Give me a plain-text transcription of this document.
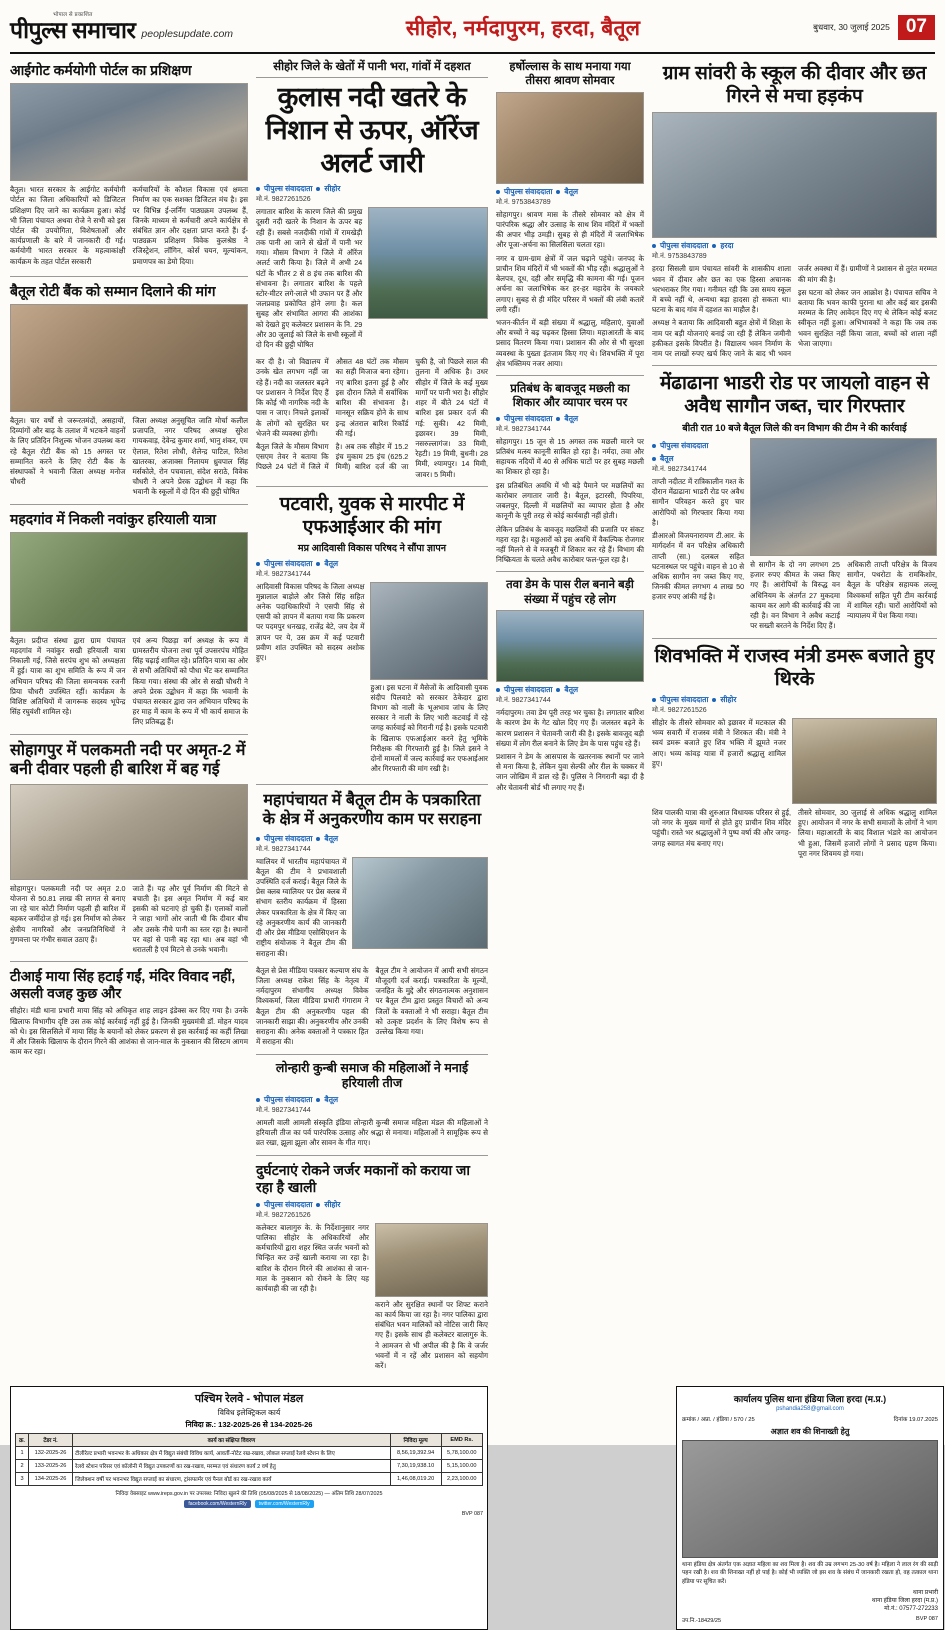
भोपाल से प्रकाशित
पीपुल्स समाचार peoplesupdate.com	सीहोर, नर्मदापुरम, हरदा, बैतूल	बुधवार, 30 जुलाई 2025 07
आईगोट कर्मयोगी पोर्टल का प्रशिक्षण

बैतूल। भारत सरकार के आईगोट कर्मयोगी पोर्टल का जिला अधिकारियों को डिजिटल प्रशिक्षण दिए जाने का कार्यक्रम हुआ। कोई भी जिला पंचायत अथवा रोजे ने सभी को इस पोर्टल की उपयोगिता, विशेषताओं और कार्यप्रणाली के बारे में जानकारी दी गई। कर्मयोगी भारत सरकार के महत्वाकांक्षी कार्यक्रम के तहत पोर्टल सरकारी

कर्मचारियों के कौशल विकास एवं क्षमता निर्माण का एक सशक्त डिजिटल मंच है। इस पर विभिन्न ई-लर्निंग पाठ्यक्रम उपलब्ध हैं, जिनके माध्यम से कर्मचारी अपने कार्यक्षेत्र से संबंधित ज्ञान और दक्षता प्राप्त करते हैं। ई-पाठ्यक्रम प्रशिक्षण विवेक कुलश्रेष्ठ ने रजिस्ट्रेशन, लॉगिन, कोर्स चयन, मूल्यांकन, प्रमाणपत्र का डेमो दिया।

बैतूल रोटी बैंक को सम्मान दिलाने की मांग

बैतूल। चार वर्षों से जरूरतमंदों, असहायों, दिव्यांगों और बाढ़ के तलाश में भटकने वाहनों के लिए प्रतिदिन निशुल्क भोजन उपलब्ध करा रहे बैतूल रोटी बैंक को 15 अगस्त पर सम्मानित करने के लिए रोटी बैंक के संस्थापकों ने भवानी जिला अध्यक्ष मनोज चौधरी

जिला अध्यक्ष अनुसूचित जाति मोर्चा कलील प्रजापति, नगर परिषद अध्यक्ष सुरेश गायकवाड़, देवेन्द्र कुमार शर्मा, भानु शंकर, एम ऐलाल, रितेश लोधी, शैलेन्द्र पाटिल, रितेश खातरका, अजाक्स निलायम ध्रुवपाल सिंह मर्सकोले, रोन पचवाला, संदेश सराठे, विवेक चौधरी ने अपने प्रेरक उद्बोधन में कहा कि भवानी के स्कूलों में दो दिन की छुट्टी घोषित

महदगांव में निकली नवांकुर हरियाली यात्रा

बैतूल। प्रदीप्त संस्था द्वारा ग्राम पंचायत महदगांव में नवांकुर सखी हरियाली यात्रा निकाली गई, जिसे सरपंच शुभ को अध्यक्षता में हुई। यात्रा का शुभ समिति के रूप में जन अभियान परिषद की जिला समन्वयक रजनी प्रिया चौधरी उपस्थित रहीं। कार्यक्रम के विशिष्ट अतिथियों में जागरूक सदस्य भूपेन्द्र सिंह रघुवंशी शामिल रहे।

एवं अन्य पिछड़ा वर्ग अध्यक्ष के रूप में ग्रामस्तरीय योजना तथा पूर्व उपसरपंच मोहित सिंह चढ़ाई शामिल रहे। प्रतिदिन यात्रा का ओर से सभी अतिथियों को पौधा भेंट कर सम्मानित किया गया। संस्था की ओर से सखी चौधरी ने अपने प्रेरक उद्बोधन में कहा कि भवानी के पंचायत सरकार द्वारा जन अभियान परिषद के हर माह में काम के रूप में भी कार्य समाज के लिए प्रतिबद्ध हैं।

सोहागपुर में पलकमती नदी पर अमृत-2 में बनी दीवार पहली ही बारिश में बह गई

सोहागपुर। पलकमती नदी पर अमृत 2.0 योजना से 50.81 लाख की लागत से बनाए जा रहे चार कोटी निर्माण पहली ही बारिश में बहकर जमींदोज हो गई। इस निर्माण को लेकर क्षेत्रीय नागरिकों और जनप्रतिनिधियों ने गुणवत्ता पर गंभीर सवाल उठाए हैं।

जाते हैं। यह और पूर्व निर्माण की मिटने से बचाती है। इस अमृत निर्माण में कई बार इसकी को घटनाएं हो चुकी हैं। एलाकों वालों ने जाहा भागों ओर जाती थी कि दीवार बीच और उसके नीचे पानी का स्तर रहा है। स्थानों पर वहां से पानी बह रहा था। अब वहां भी धरातली है एवं मिटने से उनके भवानी।

टीआई माया सिंह हटाई गईं, मंदिर विवाद नहीं, असली वजह कुछ और

सीहोर। मंडी थाना प्रभारी माया सिंह को अधिकृत शाह लाइन इंडेक्स कर दिए गया है। उनके खिलाफ विभागीय दृष्टि उस तक कोई कार्रवाई नहीं हुई है। जिनकी मुख्यमंत्री डॉ. मोहन यादव को थे। इस सिलसिले में माया सिंह के बयानों को लेकर प्रकरण से इस कार्रवाई का कहीं लिखा में और जिसके खिलाफ के दौरान गिरने की आशंका से जान-माल के नुकसान की सिस्टम आगम काम कर रहा।

सीहोर जिले के खेतों में पानी भरा, गांवों में दहशत
कुलास नदी खतरे के निशान से ऊपर, ऑरेंज अलर्ट जारी
पीपुल्स संवाददाता सीहोर
मो.नं. 9827261526

लगातार बारिश के कारण जिले की प्रमुख दूसरी नदी खतरे के निशान के ऊपर बह रही हैं। सबसे नजदीकी गांवों में रामखेड़ी तक पानी आ जाने से खेतों में पानी भर गया। मौसम विभाग ने जिले में ऑरेंज अलर्ट जारी किया है। जिले में अभी 24 घंटों के भीतर 2 से 8 इंच तक बारिश की संभावना है। लगातार बारिश के पहले स्टोर-मीटर लगे-लाले भी उफान पर हैं और जलप्रवाह प्रकोपित होने लगा है। कल सुबह और संभावित आगरा की आशंका को देखते हुए कलेक्टर प्रशासन के नि. 29 और 30 जुलाई को जिले के सभी स्कूलों में दो दिन की छुट्टी घोषित

कर दी है। जो विद्यालय में उनके खेत लगभग नहीं जा रहे हैं। नदी का जलस्तर बढ़ने पर प्रशासन ने निर्देश दिए हैं कि कोई भी नागरिक नदी के पास न जाए। निचले इलाकों के लोगों को सुरक्षित घर भेजने की व्यवस्था होगी।

बैतूल जिले के मौसम विभाग एसएम तेवर ने बताया कि पिछले 24 घंटों में जिले में औसत 48 घंटों तक मौसम का सही मिजाज बना रहेगा। नए बारिश इतना हुई है और इस दौरान जिले में सर्वाधिक बारिश की संभावना है। मानसून सक्रिय होने के साथ इन्द्र अंतराल बारिश रिकॉर्ड की गई।

है। अब तक सीहोर में 15.2 इंच मुकाम 25 इंच (625.2 मिमी) बारिश दर्ज की जा चुकी है, जो पिछले साल की तुलना में अधिक है। उधर सीहोर में जिले के कई मुख्य मार्गों पर पानी भरा है। सीहोर शहर में बीते 24 घंटों में बारिश इस प्रकार दर्ज की गई: सुकी। 42 मिमी, इछावर। 39 मिमी, नसरुल्लागंज। 33 मिमी, रेहटी। 19 मिमी, बुधनी। 28 मिमी, श्यामपुर। 14 मिमी, जावर। 5 मिमी।

पटवारी, युवक से मारपीट में एफआईआर की मांग
मप्र आदिवासी विकास परिषद ने सौंपा ज्ञापन
पीपुल्स संवाददाता बैतूल
मो.नं. 9827341744

आदिवासी विकास परिषद के जिला अध्यक्ष मुन्नालाल बाड़ोले और जिसे सिंह सहित अनेक पदाधिकारियों ने एसपी सिंह से एसपी को ज्ञापन में बताया गया कि प्रकरण पर पदमपुर धनखड़, राजेंद्र बेटे, जय देव में ज्ञापन पर ये, उस क्रम में कई पटवारी प्रवीण शांत उपस्थित को सदस्य अशोक हुए।

हुआ। इस घटना में मैसेजों के आदिवासी युवक संदीप पिलवाटे को सरकार ठेकेदार द्वारा विभाग को नाली के भूअभाव जांच के लिए सरकार ने नाली के लिए भारी कटवाई में रहे जगह कार्रवाई को गिरानी गई है। इसके पटवारी के खिलाफ एफआईआर करने हेतु भूमिके निरीक्षक की गिरफ्तारी हुई है। जिले इसने ने दोनों मामलों में जल्द कार्रवाई कर एफआईआर और गिरफ्तारी की मांग रखी है।

महापंचायत में बैतूल टीम के पत्रकारिता के क्षेत्र में अनुकरणीय काम पर सराहना
पीपुल्स संवाददाता बैतूल
मो.नं. 9827341744

ग्वालियर में भारतीय महापंचायत में बैतूल की टीम ने प्रभावशाली उपस्थिति दर्ज कराई। बैतूल जिले के प्रेस क्लब ग्वालियर पर प्रेस क्लब में संभाग स्तरीय कार्यक्रम में हिस्सा लेकर पत्रकारिता के क्षेत्र में किए जा रहे अनुकरणीय कार्य की जानकारी दी और प्रेस मीडिया एसोसिएशन के राष्ट्रीय संयोजक ने बैतूल टीम की सराहना की।

बैतूल से प्रेस मीडिया पत्रकार कल्याण संघ के जिला अध्यक्ष राकेश सिंह के नेतृत्व में नर्मदापुरम संभागीय अध्यक्ष विवेक विश्वकर्मा, जिला मीडिया प्रभारी गंगाराम ने बैतूल टीम की अनुकरणीय पहल की जानकारी साझा की। अनुकरणीय और उनकी सराहना की। अनेक वक्ताओं ने पत्रकार हित में सराहना की।

बैतूल टीम ने आयोजन में आयी सभी संगठन मौजूदगी दर्ज कराई। पत्रकारिता के मूल्यों, जनहित के मुद्दे और संगठनात्मक अनुशासन पर बैतूल टीम द्वारा प्रस्तुत विचारों को अन्य जिलों के वक्ताओं ने भी सराहा। बैतूल टीम को उत्कृष्ट प्रदर्शन के लिए विशेष रूप से उल्लेख किया गया।

लोन्हारी कुन्बी समाज की महिलाओं ने मनाई हरियाली तीज
पीपुल्स संवाददाता बैतूल
मो.नं. 9827341744

आमली वाली आमली संस्कृति इंडिया लोन्हारी कुन्बी समाज महिला मंडल की महिलाओं ने हरियाली तीज का पर्व पारंपरिक उत्साह और श्रद्धा से मनाया। महिलाओं ने सामूहिक रूप से व्रत रखा, झूला झूला और सावन के गीत गाए।

दुर्घटनाएं रोकने जर्जर मकानों को कराया जा रहा है खाली
पीपुल्स संवाददाता सीहोर
मो.नं. 9827261526

कलेक्टर बालागुरु के. के निर्देशानुसार नगर पालिका सीहोर के अधिकारियों और कर्मचारियों द्वारा शहर स्थित जर्जर भवनों को चिन्हित कर उन्हें खाली कराया जा रहा है। बारिश के दौरान गिरने की आशंका से जान-माल के नुकसान को रोकने के लिए यह कार्यवाही की जा रही है।

कराने और सुरक्षित स्थानों पर शिफ्ट कराने का कार्य किया जा रहा है। नगर पालिका द्वारा संबंधित भवन मालिकों को नोटिस जारी किए गए हैं। इसके साथ ही कलेक्टर बालागुरु के. ने आमजन से भी अपील की है कि वे जर्जर भवनों में न रहें और प्रशासन को सहयोग करें।

हर्षोल्लास के साथ मनाया गया तीसरा श्रावण सोमवार
पीपुल्स संवाददाता बैतूल
मो.नं. 9753843789

सोहागपुर। श्रावण मास के तीसरे सोमवार को क्षेत्र में पारंपरिक श्रद्धा और उत्साह के साथ शिव मंदिरों में भक्तों की अपार भीड़ उमड़ी। सुबह से ही मंदिरों में जलाभिषेक और पूजा-अर्चना का सिलसिला चलता रहा।

नगर व ग्राम-ग्राम क्षेत्रों में जल चढ़ाने पहुंचे। जनपद के प्राचीन शिव मंदिरों में भी भक्तों की भीड़ रही। श्रद्धालुओं ने बेलपत्र, दूध, दही और समृद्धि की कामना की गई। पूजन अर्चना का जलाभिषेक कर हर-हर महादेव के जयकारे लगाए। सुबह से ही मंदिर परिसर में भक्तों की लंबी कतारें लगी रहीं।

भजन-कीर्तन में बड़ी संख्या में श्रद्धालु, महिलाएं, युवाओं और बच्चों ने बढ़ चढ़कर हिस्सा लिया। महाआरती के बाद प्रसाद वितरण किया गया। प्रशासन की ओर से भी सुरक्षा व्यवस्था के पुख्ता इंतजाम किए गए थे। शिवभक्ति में पूरा क्षेत्र भक्तिमय नजर आया।

प्रतिबंध के बावजूद मछली का शिकार और व्यापार चरम पर
पीपुल्स संवाददाता बैतूल
मो.नं. 9827341744

सोहागपुर। 15 जून से 15 अगस्त तक मछली मारने पर प्रतिबंध मत्स्य कानूनी साबित हो रहा है। नर्मदा, तवा और सहायक नदियों में 40 से अधिक घाटों पर हर सुबह मछली का शिकार हो रहा है।

इस प्रतिबंधित अवधि में भी बड़े पैमाने पर मछलियों का कारोबार लगातार जारी है। बैतूल, इटारसी, पिपरिया, जबलपुर, दिल्ली में मछलियों का व्यापार होता है और कानूनी के पूरी तरह से कोई कार्यवाही नहीं होती।

लेकिन प्रतिबंध के बावजूद मछलियों की प्रजाति पर संकट गहरा रहा है। मछुआरों को इस अवधि में वैकल्पिक रोजगार नहीं मिलने से वे मजबूरी में शिकार कर रहे हैं। विभाग की निष्क्रियता के चलते अवैध कारोबार फल-फूल रहा है।

तवा डेम के पास रील बनाने बड़ी संख्या में पहुंच रहे लोग
पीपुल्स संवाददाता बैतूल
मो.नं. 9827341744

नर्मदापुरम। तवा डेम पूरी तरह भर चुका है। लगातार बारिश के कारण डेम के गेट खोल दिए गए हैं। जलस्तर बढ़ने के कारण प्रशासन ने चेतावनी जारी की है। इसके बावजूद बड़ी संख्या में लोग रील बनाने के लिए डेम के पास पहुंच रहे हैं।

प्रशासन ने डेम के आसपास के खतरनाक स्थानों पर जाने से मना किया है, लेकिन युवा सेल्फी और रील के चक्कर में जान जोखिम में डाल रहे हैं। पुलिस ने निगरानी बढ़ा दी है और चेतावनी बोर्ड भी लगाए गए हैं।

ग्राम सांवरी के स्कूल की दीवार और छत गिरने से मचा हड़कंप
पीपुल्स संवाददाता हरदा
मो.नं. 9753843789

हरदा सिसली ग्राम पंचायत सांवरी के शासकीय शाला भवन में दीवार और छत का एक हिस्सा अचानक भरभराकर गिर गया। गनीमत रही कि उस समय स्कूल में बच्चे नहीं थे, अन्यथा बड़ा हादसा हो सकता था। घटना के बाद गांव में दहशत का माहौल है।

अध्यक्ष ने बताया कि आदिवासी बहुत क्षेत्रों में शिक्षा के नाम पर बड़ी योजनाएं बनाई जा रही हैं लेकिन जमीनी हकीकत इसके विपरीत है। विद्यालय भवन निर्माण के नाम पर लाखों रुपए खर्च किए जाने के बाद भी भवन जर्जर अवस्था में हैं। ग्रामीणों ने प्रशासन से तुरंत मरम्मत की मांग की है।

इस घटना को लेकर जन आक्रोश है। पंचायत सचिव ने बताया कि भवन काफी पुराना था और कई बार इसकी मरम्मत के लिए आवेदन दिए गए थे लेकिन कोई बजट स्वीकृत नहीं हुआ। अभिभावकों ने कहा कि जब तक भवन सुरक्षित नहीं किया जाता, बच्चों को शाला नहीं भेजा जाएगा।

मेंढाढाना भाडरी रोड पर जायलो वाहन से अवैध सागौन जब्त, चार गिरफ्तार
बीती रात 10 बजे बैतूल जिले की वन विभाग की टीम ने की कार्रवाई
पीपुल्स संवाददाता
बैतूल
मो.नं. 9827341744

ताप्ती नदीतट में रात्रिकालीन गश्त के दौरान मेंढाढाना भाडरी रोड पर अवैध सागौन परिवहन करते हुए चार आरोपियों को गिरफ्तार किया गया है।

डीआरओ विजयनारायण टी.आर. के मार्गदर्शन में वन परिक्षेत्र अधिकारी ताप्ती (सा.) दलबल सहित घटनास्थल पर पहुंचे। वाहन से 10 से अधिक सागौन नग जब्त किए गए, जिनकी कीमत लगभग 4 लाख 50 हजार रुपए आंकी गई है।

से सागौन के दो नग लगभग 25 हजार रुपए कीमत के जब्त किए गए हैं। आरोपियों के विरुद्ध वन अधिनियम के अंतर्गत 27 मुकदमा कायम कर आगे की कार्रवाई की जा रही है। वन विभाग ने अवैध कटाई पर सख्ती बरतने के निर्देश दिए हैं।

अधिकारी ताप्ती परिक्षेत्र के विजय सागौन, पथरोटा के रामकिशोर, बैतूल के परिक्षेत्र सहायक लल्लू विश्वकर्मा सहित पूरी टीम कार्रवाई में शामिल रही। चारों आरोपियों को न्यायालय में पेश किया गया।

शिवभक्ति में राजस्व मंत्री डमरू बजाते हुए थिरके
पीपुल्स संवाददाता सीहोर
मो.नं. 9827261526

सीहोर के तीसरे सोमवार को इछावर में मटकाल की भव्य सवारी में राजस्व मंत्री ने शिरकत की। मंत्री ने स्वयं डमरू बजाते हुए शिव भक्ति में झूमते नजर आए। भव्य कांवड़ यात्रा में हजारों श्रद्धालु शामिल हुए।

शिव पालकी यात्रा की शुरुआत विधायक परिसर से हुई, जो नगर के मुख्य मार्गों से होते हुए प्राचीन शिव मंदिर पहुंची। रास्ते भर श्रद्धालुओं ने पुष्प वर्षा की और जगह-जगह स्वागत मंच बनाए गए।

तीसरे सोमवार, 30 जुलाई से अधिक श्रद्धालु शामिल हुए। आयोजन में नगर के सभी समाजों के लोगों ने भाग लिया। महाआरती के बाद विशाल भंडारे का आयोजन भी हुआ, जिसमें हजारों लोगों ने प्रसाद ग्रहण किया। पूरा नगर शिवमय हो गया।

पश्चिम रेलवे - भोपाल मंडल
विविध इलेक्ट्रिकल कार्य
निविदा क्र.: 132-2025-26 से 134-2025-26
क्र.	टेंडर नं.	कार्य का संक्षिप्त विवरण	निविदा मूल्य	EMD Rs.
1	132-2025-26	टीलीरेल्ट प्रभारी भवनभर के अधिकार क्षेत्र में विद्युत संबंधी विविध कार्य, आवर्ती-नोटेट रख-रखाव, लोकल सप्लाई रेलवे स्टेशन के लिए	8,56,19,392.94	5,78,100.00
2	133-2025-26	रेलवे स्टेशन परिसर एवं कॉलोनी में विद्युत उपकरणों का रख-रखाव, मरम्मत एवं संधारण कार्य 2 वर्ष हेतु	7,30,19,938.10	5,15,100.00
3	134-2025-26	जिलेक्शन वर्षी पर भवनभर विद्युत सप्लाई का संधारण, ट्रांसफार्मर एवं पैनल बोर्ड का रख-रखाव कार्य	1,46,08,019.20	2,23,100.00
निविदा वेबसाइट www.ireps.gov.in पर उपलब्ध: निविदा खुलने की तिथि (05/08/2025 से 18/08/2025) — अंतिम तिथि 28/07/2025
facebook.com/WesternRly	twitter.com/WesternRly
BVP 087
कार्यालय पुलिस थाना हंडिया जिला हरदा (म.प्र.)
pshandia258@gmail.com
क्रमांक / अप्रा. / हंडिया / 570 / 25	दिनांक 19.07.2025
अज्ञात शव की शिनाख्ती हेतु
थाना हंडिया क्षेत्र अंतर्गत एक अज्ञात महिला का शव मिला है। शव की उम्र लगभग 25-30 वर्ष है। महिला ने लाल रंग की साड़ी पहन रखी है। शव की शिनाख्त नहीं हो पाई है। कोई भी व्यक्ति जो इस शव के संबंध में जानकारी रखता हो, वह तत्काल थाना हंडिया पर सूचित करें।
थाना प्रभारी
थाना हंडिया जिला हरदा (म.प्र.)
मो.नं.: 07577-272233
उप.नि.-18429/25	BVP 087
